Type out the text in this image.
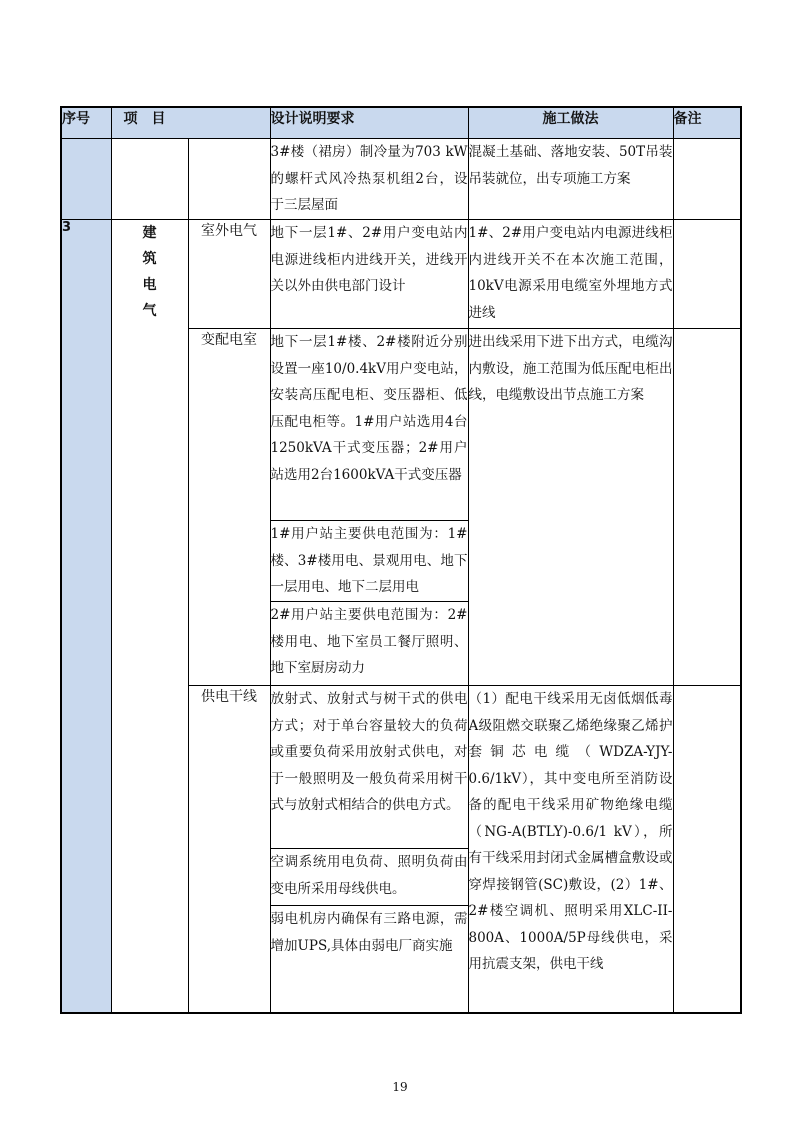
序号	项　目		设计说明要求	施工做法	备注
			3#楼（裙房）制冷量为703 kW的螺杆式风冷热泵机组2台，设于三层屋面	混凝土基础、落地安装、50T吊装吊装就位，出专项施工方案	
3	建筑电气	室外电气	地下一层1#、2#用户变电站内电源进线柜内进线开关，进线开关以外由供电部门设计	1#、2#用户变电站内电源进线柜内进线开关不在本次施工范围，10kV电源采用电缆室外埋地方式进线	
		变配电室	地下一层1#楼、2#楼附近分别设置一座10/0.4kV用户变电站，安装高压配电柜、变压器柜、低压配电柜等。1#用户站选用4台1250kVA干式变压器；2#用户站选用2台1600kVA干式变压器	进出线采用下进下出方式，电缆沟内敷设，施工范围为低压配电柜出线，电缆敷设出节点施工方案	
			1#用户站主要供电范围为：1#楼、3#楼用电、景观用电、地下一层用电、地下二层用电		
			2#用户站主要供电范围为：2#楼用电、地下室员工餐厅照明、地下室厨房动力		
		供电干线	放射式、放射式与树干式的供电方式；对于单台容量较大的负荷或重要负荷采用放射式供电，对于一般照明及一般负荷采用树干式与放射式相结合的供电方式。	（1）配电干线采用无卤低烟低毒A级阻燃交联聚乙烯绝缘聚乙烯护套铜芯电缆（WDZA-YJY-0.6/1kV），其中变电所至消防设备的配电干线采用矿物绝缘电缆（NG-A(BTLY)-0.6/1 kV），所有干线采用封闭式金属槽盒敷设或穿焊接钢管(SC)敷设，(2）1#、2#楼空调机、照明采用XLC-II-800A、1000A/5P母线供电，采用抗震支架，供电干线	
			空调系统用电负荷、照明负荷由变电所采用母线供电。		
			弱电机房内确保有三路电源，需增加UPS,具体由弱电厂商实施		
19
